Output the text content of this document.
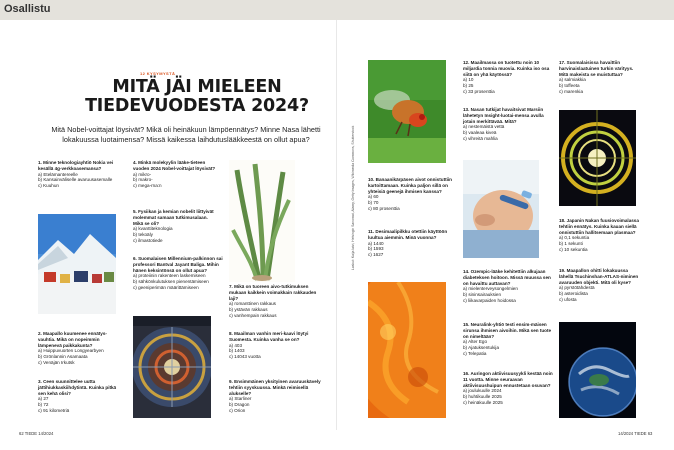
Osallistu
12 KYSYMYSTÄ
MITÄ JÄI MIELEEN
TIEDEVUODESTA 2024?
Mitä Nobel-voittajat löysivät? Mikä oli heinäkuun lämpöennätys? Minne Nasa lähetti lokakuussa luotaimensa? Missä kaikessa laihdutuslääkkeestä on ollut apua?
1. Minne teknologiayhtiö Nokia vei kesällä 4g-verkkoasemansa?
a) Etelämantereelle
b) Kansainväliselle avaruusasemalle
c) Kuuhun
2. Maapallo kuumenee ennätys-vauhtia. Mikä on nopeimmin lämpenevä paikkakunta?
a) Huippuvuorten Longyearbyen
b) Grönlannin Asamaata
c) Venäjän Irkutsk
3. Ceen suunnittelee uutta jättihiukkaskiihdytintä. Kuinka pitkä sen kehä olisi?
a) 27
b) 72
c) 91 kilometriä
4. Minkä molekyylin lääke-tieteen vuoden 2024 Nobel-voittajat löysivät?
a) mikro-
b) makro-
c) mega-rna:n
5. Fysiikan ja kemian nobelit liittyivät molemmat samaan tutkimusalaan. Mikä se oli?
a) kvanttiteknologia
b) tekoäly
c) ilmastotiede
6. Suomalaisen Millennium-palkinnon sai professori Bantval Jayant Baliga. Mihin hänen keksintönsä on ollut apua?
a) proteiinin rakenteen laskemiseen
b) sähkönkulutuksen pienentämiseen
c) geeniperimän määrittämiseen	7. Mikä on tuoreen aivo-tutkimuksen mukaan kaikkein voimakkain rakkauden laji?
a) romanttinen rakkaus
b) ystävän rakkaus
c) vanhempain rakkaus
8. Maailman vanhin meri-kaavi löytyi Suomesta. Kuinka vanha se on?
a) 403
b) 1403
c) 14043 vuotta
9. Ensimmäinen yksityinen avaruuskävely tehtiin syyskuussa. Minkä reimisellä alukselle?
a) Starliner
b) Dragon
c) Orion
10. Banaanikärpäsen aivot onnistuttiin kartoittamaan. Kuinka paljon sillä on yhteisiä geenejä ihmisen kanssa?
a) 60
b) 70
c) 80 prosenttia
11. Desimaalipilkku otettiin käyttöön luultua aiemmin. Minä vuonna?
a) 1440
b) 1593
c) 1627
12. Maailmassa on tuotettu noin 10 miljardia tonnia muovia. Kuinka iso osa siitä on yhä käytössä?
a) 10
b) 25
c) 33 prosenttia
13. Nasan tutkijat havaitsivat Marsiin lähetetyn Insight-luotai-mensa avulla jotain merkittävää. Mitä?
a) nestemäistä vettä
b) vaaleaa kiveä
c) vihreitä mahlia
14. Ozempic-lääke kehitettiin alkujaan diabeteksen hoitoon. Missä muussa sen on havaittu auttavan?
a) mielenterveysongelmien
b) sininsairauksien
c) liikavarpaiden hoidossa
15. Neuralink-yhtiö testi ensim-mäisen sirunsa ihmisen aivoihin. Mikä sen tuote on nimeltään?
a) Alter Ego
b) Ajatuksentukija
c) Telepatia
16. Auringon aktiivisuusyykli kestää noin 11 vuotta. Minne seuraavan aktiivisuushuipun ennustetaan osuvan?
a) joulukuulle 2024
b) huhtikuulle 2025
c) heinäkuulle 2025
17. Suomalaisissa havaittiin harvinaislaatuinen turkin värityys. Mitä makeista se muistuttaa?
a) salmiakkia
b) toffeeta
c) marenkia
18. Japanin Nakan fuusiovoimalassa tehtiin ennätys. Kuinka kauan siellä onnistuttiin hallitsemaan plasmaa?
a) 0,1 sekuntia
b) 1 sekunti
c) 10 sekuntia
19. Maapallon ohitti lokakuussa lähellä Tsuchinshan-ATLAS-niminen avaruuden objekti. Mitä oli kyse?
a) pyrstötähdestä
b) asteroidista
c) ufosta
Laskut: Kaija latvi, Helsingin Sanomat, Alamy, Getty Images, Wikimedia Commons, Shutterstock
62 TIEDE 14/2024	14/2024 TIEDE 63
